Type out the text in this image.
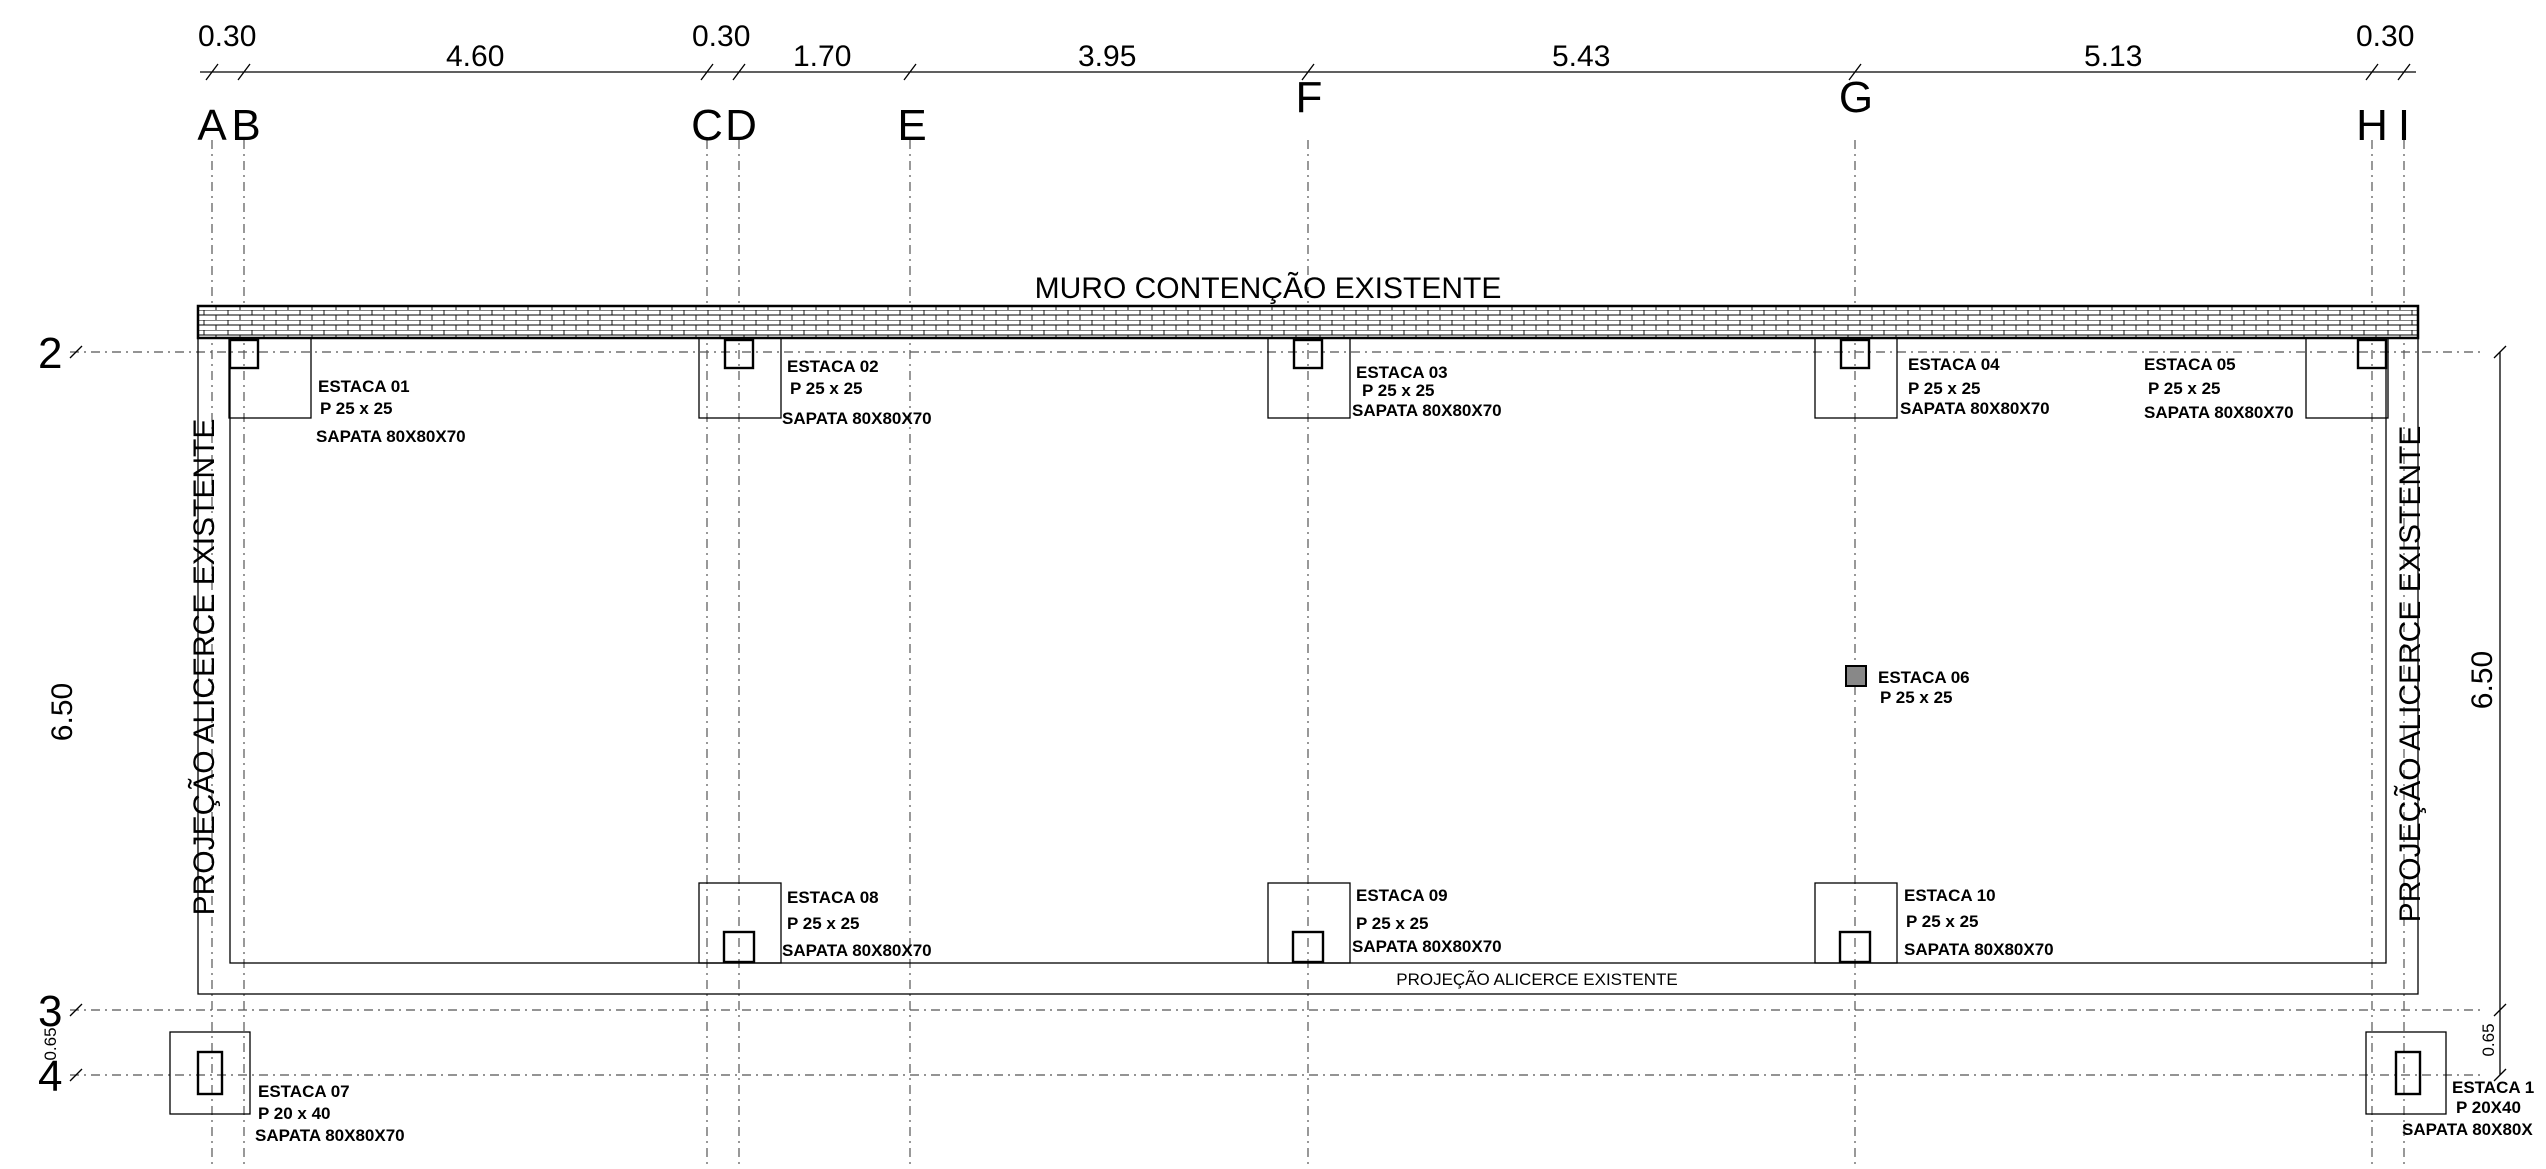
0.30
4.60
0.30
1.70	3.95	5.43	5.13
0.30
A B	C D	E
F	G
H I
2
3
4
6.50
6.50
0.65	0.65
MURO CONTENÇÃO EXISTENTE
PROJEÇÃO ALICERCE EXISTENTE	PROJEÇÃO ALICERCE EXISTENTE
PROJEÇÃO ALICERCE EXISTENTE
ESTACA 01
P 25 x 25
SAPATA 80X80X70
ESTACA 02
P 25 x 25
SAPATA 80X80X70
ESTACA 03
P 25 x 25
SAPATA 80X80X70
ESTACA 04
P 25 x 25
SAPATA 80X80X70
ESTACA 05
P 25 x 25
SAPATA 80X80X70
ESTACA 06
P 25 x 25
ESTACA 08
P 25 x 25
SAPATA 80X80X70
ESTACA 09
P 25 x 25
SAPATA 80X80X70
ESTACA 10
P 25 x 25
SAPATA 80X80X70
ESTACA 07
P 20 x 40
SAPATA 80X80X70
ESTACA 1
P 20X40
SAPATA 80X80X
